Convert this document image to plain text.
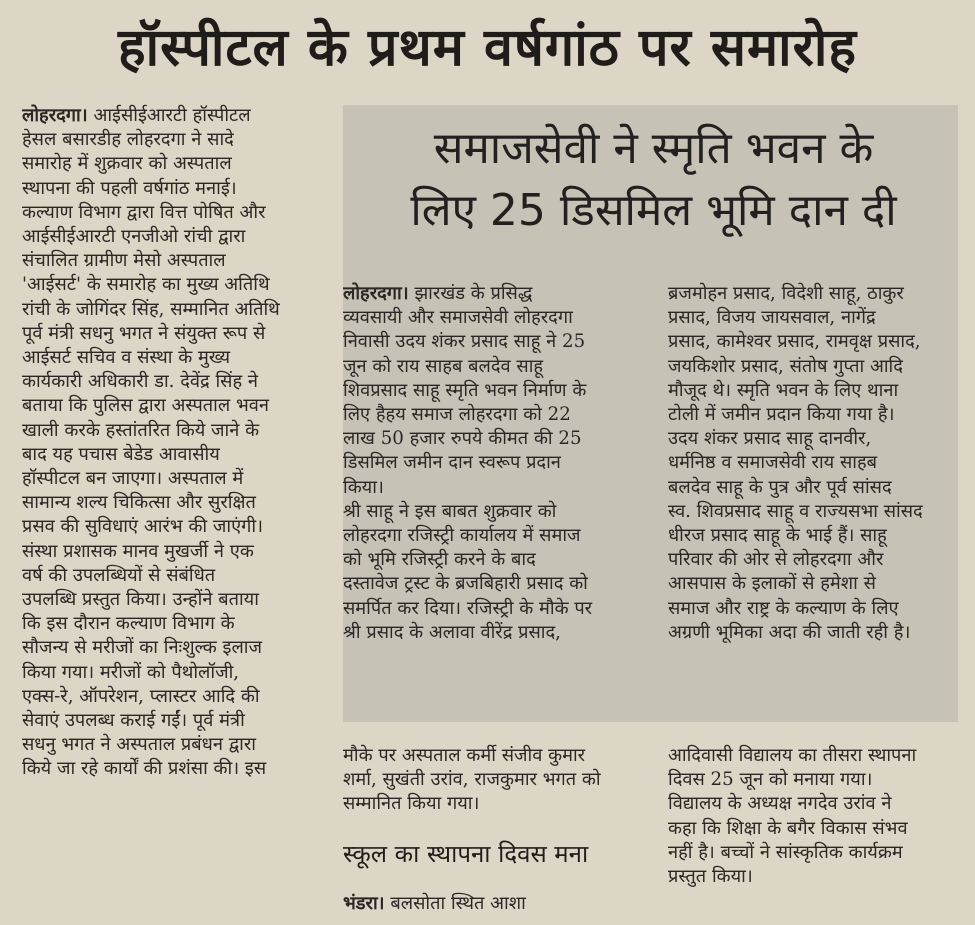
हॉस्पीटल के प्रथम वर्षगांठ पर समारोह
लोहरदगा। आईसीईआरटी हॉस्पीटल
हेसल बसारडीह लोहरदगा ने सादे
समारोह में शुक्रवार को अस्पताल
स्थापना की पहली वर्षगांठ मनाई।
कल्याण विभाग द्वारा वित्त पोषित और
आईसीईआरटी एनजीओ रांची द्वारा
संचालित ग्रामीण मेसो अस्पताल
'आईसर्ट' के समारोह का मुख्य अतिथि
रांची के जोगिंदर सिंह, सम्मानित अतिथि
पूर्व मंत्री सधनु भगत ने संयुक्त रूप से
आईसर्ट सचिव व संस्था के मुख्य
कार्यकारी अधिकारी डा. देवेंद्र सिंह ने
बताया कि पुलिस द्वारा अस्पताल भवन
खाली करके हस्तांतरित किये जाने के
बाद यह पचास बेडेड आवासीय
हॉस्पीटल बन जाएगा। अस्पताल में
सामान्य शल्य चिकित्सा और सुरक्षित
प्रसव की सुविधाएं आरंभ की जाएंगी।
संस्था प्रशासक मानव मुखर्जी ने एक
वर्ष की उपलब्धियों से संबंधित
उपलब्धि प्रस्तुत किया। उन्होंने बताया
कि इस दौरान कल्याण विभाग के
सौजन्य से मरीजों का निःशुल्क इलाज
किया गया। मरीजों को पैथोलॉजी,
एक्स-रे, ऑपरेशन, प्लास्टर आदि की
सेवाएं उपलब्ध कराई गईं। पूर्व मंत्री
सधनु भगत ने अस्पताल प्रबंधन द्वारा
किये जा रहे कार्यों की प्रशंसा की। इस
समाजसेवी ने स्मृति भवन के
लिए 25 डिसमिल भूमि दान दी
लोहरदगा। झारखंड के प्रसिद्ध
व्यवसायी और समाजसेवी लोहरदगा
निवासी उदय शंकर प्रसाद साहू ने 25
जून को राय साहब बलदेव साहू
शिवप्रसाद साहू स्मृति भवन निर्माण के
लिए हैहय समाज लोहरदगा को 22
लाख 50 हजार रुपये कीमत की 25
डिसमिल जमीन दान स्वरूप प्रदान
किया।
श्री साहू ने इस बाबत शुक्रवार को
लोहरदगा रजिस्ट्री कार्यालय में समाज
को भूमि रजिस्ट्री करने के बाद
दस्तावेज ट्रस्ट के ब्रजबिहारी प्रसाद को
समर्पित कर दिया। रजिस्ट्री के मौके पर
श्री प्रसाद के अलावा वीरेंद्र प्रसाद,
ब्रजमोहन प्रसाद, विदेशी साहू, ठाकुर
प्रसाद, विजय जायसवाल, नागेंद्र
प्रसाद, कामेश्वर प्रसाद, रामवृक्ष प्रसाद,
जयकिशोर प्रसाद, संतोष गुप्ता आदि
मौजूद थे। स्मृति भवन के लिए थाना
टोली में जमीन प्रदान किया गया है।
उदय शंकर प्रसाद साहू दानवीर,
धर्मनिष्ठ व समाजसेवी राय साहब
बलदेव साहू के पुत्र और पूर्व सांसद
स्व. शिवप्रसाद साहू व राज्यसभा सांसद
धीरज प्रसाद साहू के भाई हैं। साहू
परिवार की ओर से लोहरदगा और
आसपास के इलाकों से हमेशा से
समाज और राष्ट्र के कल्याण के लिए
अग्रणी भूमिका अदा की जाती रही है।
मौके पर अस्पताल कर्मी संजीव कुमार
शर्मा, सुखंती उरांव, राजकुमार भगत को
सम्मानित किया गया।
स्कूल का स्थापना दिवस मना
भंडरा। बलसोता स्थित आशा
आदिवासी विद्यालय का तीसरा स्थापना
दिवस 25 जून को मनाया गया।
विद्यालय के अध्यक्ष नगदेव उरांव ने
कहा कि शिक्षा के बगैर विकास संभव
नहीं है। बच्चों ने सांस्कृतिक कार्यक्रम
प्रस्तुत किया।
